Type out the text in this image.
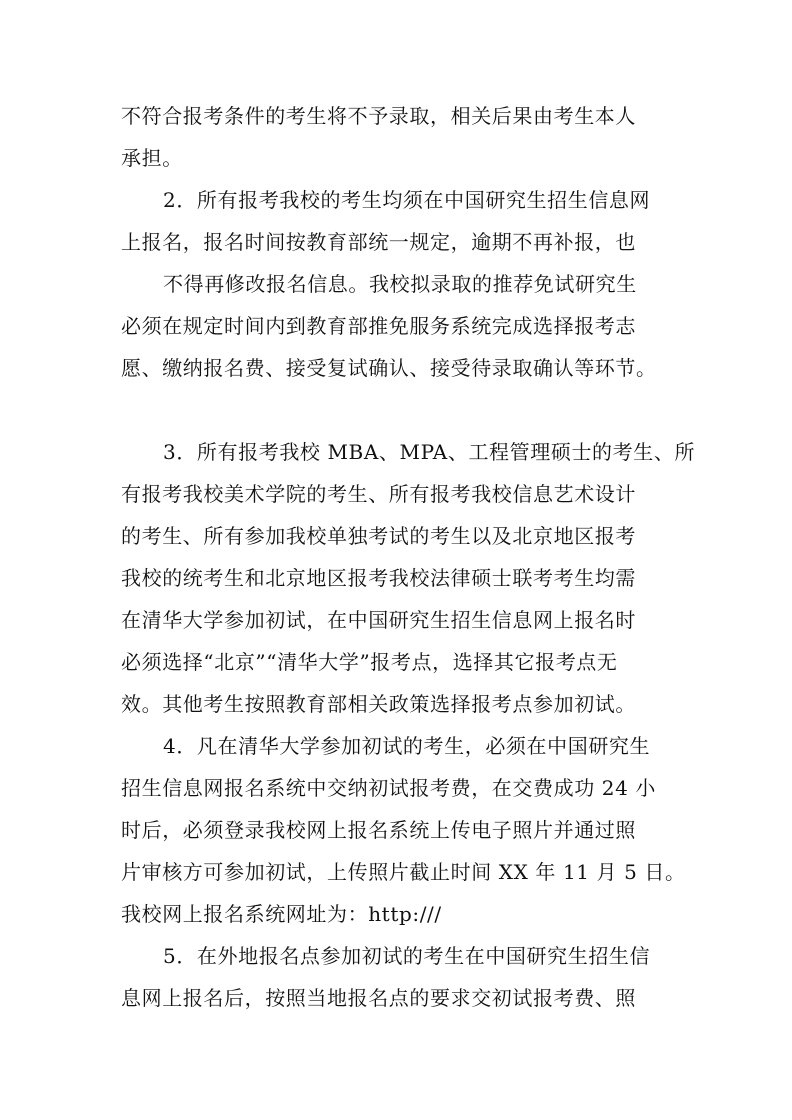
不符合报考条件的考生将不予录取，相关后果由考生本人
承担。
2．所有报考我校的考生均须在中国研究生招生信息网
上报名，报名时间按教育部统一规定，逾期不再补报，也
不得再修改报名信息。我校拟录取的推荐免试研究生
必须在规定时间内到教育部推免服务系统完成选择报考志
愿、缴纳报名费、接受复试确认、接受待录取确认等环节。
3．所有报考我校 MBA、MPA、工程管理硕士的考生、所
有报考我校美术学院的考生、所有报考我校信息艺术设计
的考生、所有参加我校单独考试的考生以及北京地区报考
我校的统考生和北京地区报考我校法律硕士联考考生均需
在清华大学参加初试，在中国研究生招生信息网上报名时
必须选择“北京”“清华大学”报考点，选择其它报考点无
效。其他考生按照教育部相关政策选择报考点参加初试。
4．凡在清华大学参加初试的考生，必须在中国研究生
招生信息网报名系统中交纳初试报考费，在交费成功 24 小
时后，必须登录我校网上报名系统上传电子照片并通过照
片审核方可参加初试，上传照片截止时间 XX 年 11 月 5 日。
我校网上报名系统网址为：http:///
5．在外地报名点参加初试的考生在中国研究生招生信
息网上报名后，按照当地报名点的要求交初试报考费、照
